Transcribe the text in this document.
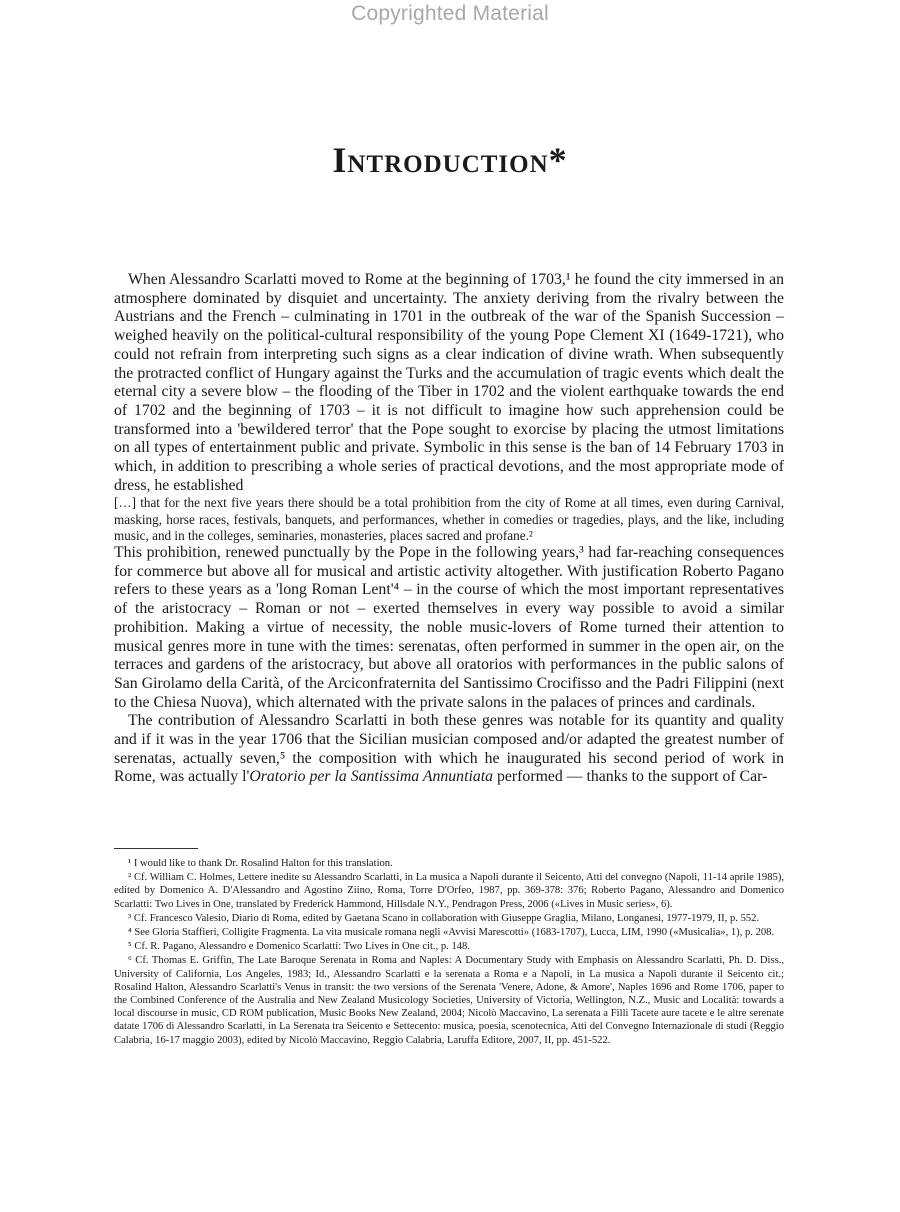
Copyrighted Material
Introduction*

When Alessandro Scarlatti moved to Rome at the beginning of 1703,¹ he found the city immersed in an atmosphere dominated by disquiet and uncertainty. The anxiety deriving from the rivalry between the Austrians and the French – culminating in 1701 in the outbreak of the war of the Spanish Succession – weighed heavily on the political-cultural responsibility of the young Pope Clement XI (1649-1721), who could not refrain from interpreting such signs as a clear indication of divine wrath. When subsequently the protracted conflict of Hungary against the Turks and the accumulation of tragic events which dealt the eternal city a severe blow – the flooding of the Tiber in 1702 and the violent earthquake towards the end of 1702 and the beginning of 1703 – it is not difficult to imagine how such apprehension could be transformed into a 'bewildered terror' that the Pope sought to exorcise by placing the utmost limitations on all types of entertainment public and private. Symbolic in this sense is the ban of 14 February 1703 in which, in addition to prescribing a whole series of practical devotions, and the most appropriate mode of dress, he established

[…] that for the next five years there should be a total prohibition from the city of Rome at all times, even during Carnival, masking, horse races, festivals, banquets, and performances, whether in comedies or tragedies, plays, and the like, including music, and in the colleges, seminaries, monasteries, places sacred and profane.²

This prohibition, renewed punctually by the Pope in the following years,³ had far-reaching consequences for commerce but above all for musical and artistic activity altogether. With justification Roberto Pagano refers to these years as a 'long Roman Lent'⁴ – in the course of which the most important representatives of the aristocracy – Roman or not – exerted themselves in every way possible to avoid a similar prohibition. Making a virtue of necessity, the noble music-lovers of Rome turned their attention to musical genres more in tune with the times: serenatas, often performed in summer in the open air, on the terraces and gardens of the aristocracy, but above all oratorios with performances in the public salons of San Girolamo della Carità, of the Arciconfraternita del Santissimo Crocifisso and the Padri Filippini (next to the Chiesa Nuova), which alternated with the private salons in the palaces of princes and cardinals.

The contribution of Alessandro Scarlatti in both these genres was notable for its quantity and quality and if it was in the year 1706 that the Sicilian musician composed and/or adapted the greatest number of serenatas, actually seven,⁵ the composition with which he inaugurated his second period of work in Rome, was actually l'Oratorio per la Santissima Annuntiata performed — thanks to the support of Car-

¹ I would like to thank Dr. Rosalind Halton for this translation.

² Cf. William C. Holmes, Lettere inedite su Alessandro Scarlatti, in La musica a Napoli durante il Seicento, Atti del convegno (Napoli, 11-14 aprile 1985), edited by Domenico A. D'Alessandro and Agostino Ziino, Roma, Torre D'Orfeo, 1987, pp. 369-378: 376; Roberto Pagano, Alessandro and Domenico Scarlatti: Two Lives in One, translated by Frederick Hammond, Hillsdale N.Y., Pendragon Press, 2006 («Lives in Music series», 6).

³ Cf. Francesco Valesio, Diario di Roma, edited by Gaetana Scano in collaboration with Giuseppe Graglia, Milano, Longanesi, 1977-1979, II, p. 552.

⁴ See Gloria Staffieri, Colligite Fragmenta. La vita musicale romana negli «Avvisi Marescotti» (1683-1707), Lucca, LIM, 1990 («Musicalia», 1), p. 208.

⁵ Cf. R. Pagano, Alessandro e Domenico Scarlatti: Two Lives in One cit., p. 148.

⁶ Cf. Thomas E. Griffin, The Late Baroque Serenata in Roma and Naples: A Documentary Study with Emphasis on Alessandro Scarlatti, Ph. D. Diss., University of California, Los Angeles, 1983; Id., Alessandro Scarlatti e la serenata a Roma e a Napoli, in La musica a Napoli durante il Seicento cit.; Rosalind Halton, Alessandro Scarlatti's Venus in transit: the two versions of the Serenata 'Venere, Adone, & Amore', Naples 1696 and Rome 1706, paper to the Combined Conference of the Australia and New Zealand Musicology Societies, University of Victoria, Wellington, N.Z., Music and Località: towards a local discourse in music, CD ROM publication, Music Books New Zealand, 2004; Nicolò Maccavino, La serenata a Filli Tacete aure tacete e le altre serenate datate 1706 di Alessandro Scarlatti, in La Serenata tra Seicento e Settecento: musica, poesia, scenotecnica, Atti del Convegno Internazionale di studi (Reggio Calabria, 16-17 maggio 2003), edited by Nicolò Maccavino, Reggio Calabria, Laruffa Editore, 2007, II, pp. 451-522.
